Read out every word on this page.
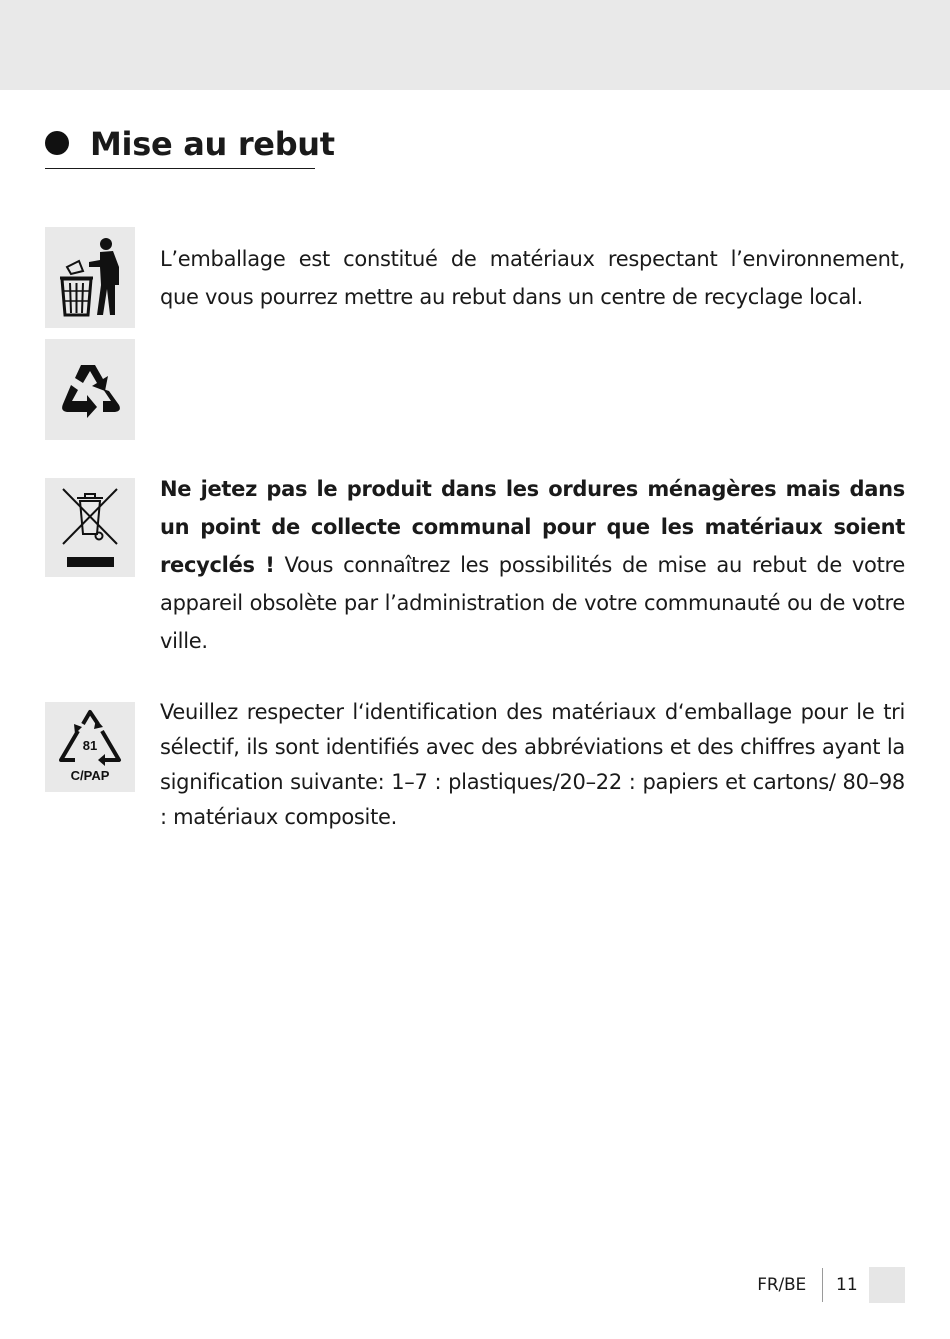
Mise au rebut
L’emballage est constitué de matériaux respectant l’environnement, que vous pourrez mettre au rebut dans un centre de recyclage local.
Ne jetez pas le produit dans les ordures ménagères mais dans un point de collecte communal pour que les matériaux soient recyclés ! Vous connaîtrez les possibilités de mise au rebut de votre appareil obsolète par l’administration de votre communauté ou de votre ville.
81
C/PAP
Veuillez respecter l‘identification des matériaux d‘emballage pour le tri sélectif, ils sont identifiés avec des abbréviations et des chiffres ayant la signification suivante: 1–7 : plastiques/20–22 : papiers et cartons/ 80–98 : matériaux composite.
FR/BE 11
